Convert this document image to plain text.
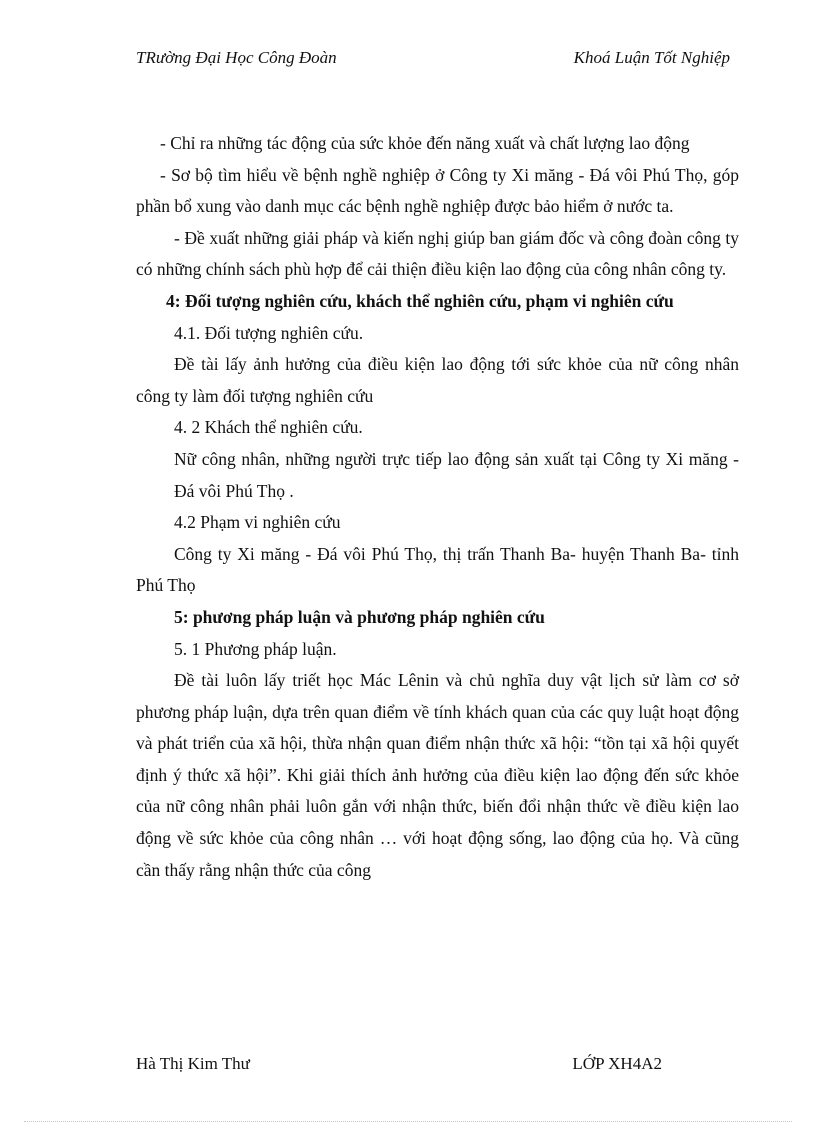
TRường Đại Học Công Đoàn	Khoá Luận Tốt Nghiệp

- Chỉ ra những tác động của sức khỏe đến năng xuất và chất lượng lao động

- Sơ bộ tìm hiểu về bệnh nghề nghiệp ở Công ty Xi măng - Đá vôi Phú Thọ, góp phần bổ xung vào danh mục các bệnh nghề nghiệp được bảo hiểm ở nước ta.

- Đề xuất những giải pháp và kiến nghị giúp ban giám đốc và công đoàn công ty có những chính sách phù hợp để cải thiện điều kiện lao động của công nhân công ty.

4: Đối tượng nghiên cứu, khách thể nghiên cứu, phạm vi nghiên cứu

4.1. Đối tượng nghiên cứu.

Đề tài lấy ảnh hưởng của điều kiện lao động tới sức khỏe của nữ công nhân công ty làm đối tượng nghiên cứu

4. 2 Khách thể nghiên cứu.

Nữ công nhân, những người trực tiếp lao động sản xuất tại Công ty Xi măng - Đá vôi Phú Thọ .

4.2 Phạm vi nghiên cứu

Công ty Xi măng - Đá vôi Phú Thọ, thị trấn Thanh Ba- huyện Thanh Ba- tỉnh Phú Thọ

5: phương pháp luận và phương pháp nghiên cứu

5. 1 Phương pháp luận.

Đề tài luôn lấy triết học Mác Lênin và chủ nghĩa duy vật lịch sử làm cơ sở phương pháp luận, dựa trên quan điểm về tính khách quan của các quy luật hoạt động và phát triển của xã hội, thừa nhận quan điểm nhận thức xã hội: “tồn tại xã hội quyết định ý thức xã hội”. Khi giải thích ảnh hưởng của điều kiện lao động đến sức khỏe của nữ công nhân phải luôn gắn với nhận thức, biến đổi nhận thức về điều kiện lao động về sức khỏe của công nhân … với hoạt động sống, lao động của họ. Và cũng cần thấy rằng nhận thức của công

Hà Thị Kim Thư	LỚP XH4A2
